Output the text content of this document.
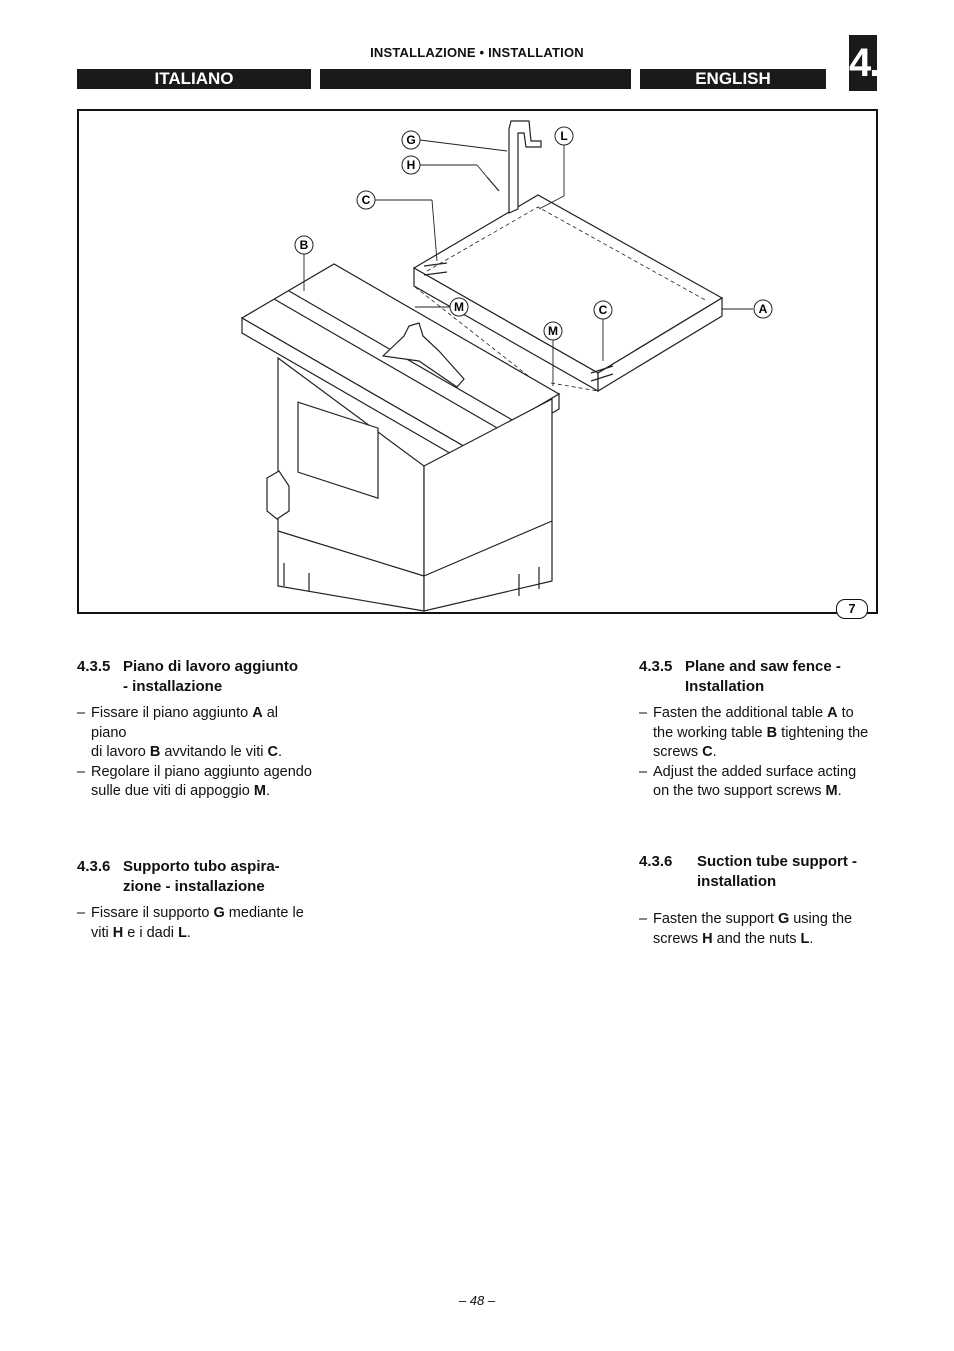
INSTALLAZIONE • INSTALLATION
ITALIANO	ENGLISH	4.
G
H
L
C
B
M
M
C	A
7
4.3.5 Piano di lavoro aggiunto
- installazione
– Fissare il piano aggiunto A al piano
di lavoro B avvitando le viti C.
– Regolare il piano aggiunto agendo
sulle due viti di appoggio M.
4.3.6 Supporto tubo aspira-
zione - installazione
– Fissare il supporto G mediante le
viti H e i dadi L.
4.3.5 Plane and saw fence -
Installation
– Fasten the additional table A to
the working table B tightening the
screws C.
– Adjust the added surface acting
on the two support screws M.
4.3.6	Suction tube support -
installation
– Fasten the support G using the
screws H and the nuts L.
– 48 –
